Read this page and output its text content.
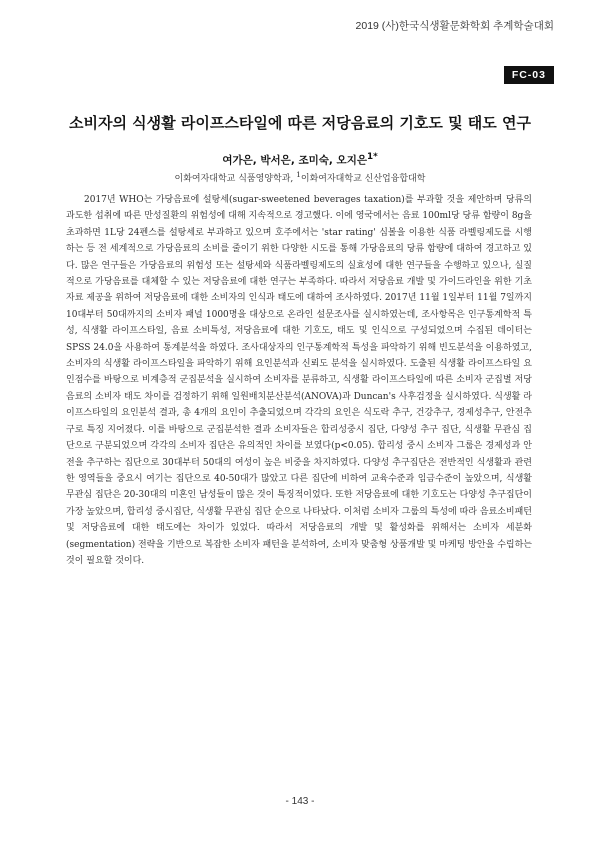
2019 (사)한국식생활문화학회 추계학술대회
FC-03
소비자의 식생활 라이프스타일에 따른 저당음료의 기호도 및 태도 연구
여가은, 박서은, 조미숙, 오지은$^{1*}$
이화여자대학교 식품영양학과, $^1$이화여자대학교 신산업융합대학

2017년 WHO는 가당음료에 설탕세(sugar-sweetened beverages taxation)를 부과할 것을 제안하며 당류의 과도한 섭취에 따른 만성질환의 위험성에 대해 지속적으로 경고했다. 이에 영국에서는 음료 100ml당 당류 함량이 8g을 초과하면 1L당 24펜스를 설탕세로 부과하고 있으며 호주에서는 'star rating' 심볼을 이용한 식품 라벨링제도를 시행하는 등 전 세계적으로 가당음료의 소비를 줄이기 위한 다양한 시도를 통해 가당음료의 당류 함량에 대하여 경고하고 있다. 많은 연구들은 가당음료의 위험성 또는 설탕세와 식품라벨링제도의 실효성에 대한 연구들을 수행하고 있으나, 실질적으로 가당음료를 대체할 수 있는 저당음료에 대한 연구는 부족하다. 따라서 저당음료 개발 및 가이드라인을 위한 기초 자료 제공을 위하여 저당음료에 대한 소비자의 인식과 태도에 대하여 조사하였다. 2017년 11월 1일부터 11월 7일까지 10대부터 50대까지의 소비자 패널 1000명을 대상으로 온라인 설문조사를 실시하였는데, 조사항목은 인구통계학적 특성, 식생활 라이프스타일, 음료 소비특성, 저당음료에 대한 기호도, 태도 및 인식으로 구성되었으며 수집된 데이터는 SPSS 24.0을 사용하여 통계분석을 하였다. 조사대상자의 인구통계학적 특성을 파악하기 위해 빈도분석을 이용하였고, 소비자의 식생활 라이프스타일을 파악하기 위해 요인분석과 신뢰도 분석을 실시하였다. 도출된 식생활 라이프스타일 요인점수를 바탕으로 비계층적 군집분석을 실시하여 소비자를 분류하고, 식생활 라이프스타일에 따른 소비자 군집별 저당음료의 소비자 태도 차이를 검정하기 위해 일원배치분산분석(ANOVA)과 Duncan's 사후검정을 실시하였다. 식생활 라이프스타일의 요인분석 결과, 총 4개의 요인이 추출되었으며 각각의 요인은 식도락 추구, 건강추구, 경제성추구, 안전추구로 특징 지어졌다. 이를 바탕으로 군집분석한 결과 소비자들은 합리성중시 집단, 다양성 추구 집단, 식생활 무관심 집단으로 구분되었으며 각각의 소비자 집단은 유의적인 차이를 보였다(p<0.05). 합리성 중시 소비자 그룹은 경제성과 안전을 추구하는 집단으로 30대부터 50대의 여성이 높은 비중을 차지하였다. 다양성 추구집단은 전반적인 식생활과 관련한 영역들을 중요시 여기는 집단으로 40-50대가 많았고 다른 집단에 비하여 교육수준과 임금수준이 높았으며, 식생활 무관심 집단은 20-30대의 미혼인 남성들이 많은 것이 특징적이었다. 또한 저당음료에 대한 기호도는 다양성 추구집단이 가장 높았으며, 합리성 중시집단, 식생활 무관심 집단 순으로 나타났다. 이처럼 소비자 그룹의 특성에 따라 음료소비패턴 및 저당음료에 대한 태도에는 차이가 있었다. 따라서 저당음료의 개발 및 활성화를 위해서는 소비자 세분화(segmentation) 전략을 기반으로 복잡한 소비자 패턴을 분석하여, 소비자 맞춤형 상품개발 및 마케팅 방안을 수립하는 것이 필요할 것이다.

- 143 -
